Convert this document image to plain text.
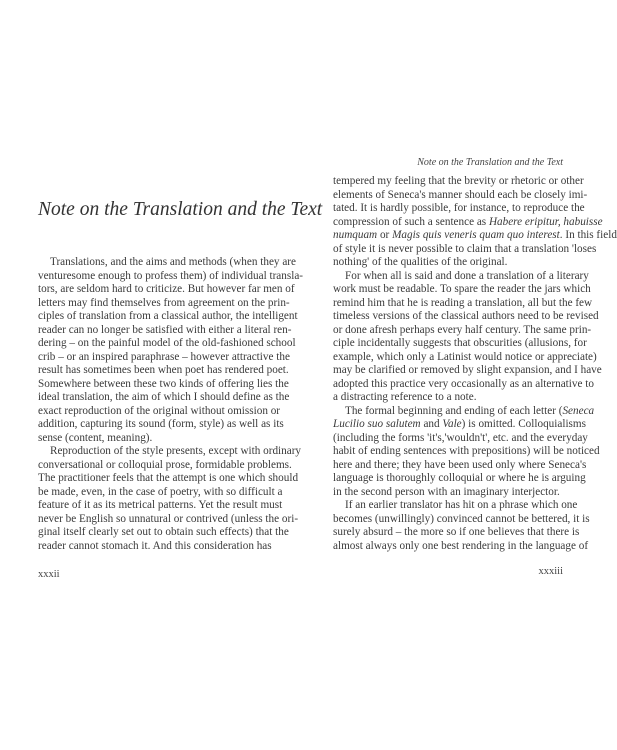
Note on the Translation and the Text
Translations, and the aims and methods (when they are
venturesome enough to profess them) of individual transla-
tors, are seldom hard to criticize. But however far men of
letters may find themselves from agreement on the prin-
ciples of translation from a classical author, the intelligent
reader can no longer be satisfied with either a literal ren-
dering – on the painful model of the old-fashioned school
crib – or an inspired paraphrase – however attractive the
result has sometimes been when poet has rendered poet.
Somewhere between these two kinds of offering lies the
ideal translation, the aim of which I should define as the
exact reproduction of the original without omission or
addition, capturing its sound (form, style) as well as its
sense (content, meaning).
Reproduction of the style presents, except with ordinary
conversational or colloquial prose, formidable problems.
The practitioner feels that the attempt is one which should
be made, even, in the case of poetry, with so difficult a
feature of it as its metrical patterns. Yet the result must
never be English so unnatural or contrived (unless the ori-
ginal itself clearly set out to obtain such effects) that the
reader cannot stomach it. And this consideration has
xxxii
Note on the Translation and the Text
tempered my feeling that the brevity or rhetoric or other
elements of Seneca's manner should each be closely imi-
tated. It is hardly possible, for instance, to reproduce the
compression of such a sentence as Habere eripitur, habuisse
numquam or Magis quis veneris quam quo interest. In this field
of style it is never possible to claim that a translation 'loses
nothing' of the qualities of the original.
For when all is said and done a translation of a literary
work must be readable. To spare the reader the jars which
remind him that he is reading a translation, all but the few
timeless versions of the classical authors need to be revised
or done afresh perhaps every half century. The same prin-
ciple incidentally suggests that obscurities (allusions, for
example, which only a Latinist would notice or appreciate)
may be clarified or removed by slight expansion, and I have
adopted this practice very occasionally as an alternative to
a distracting reference to a note.
The formal beginning and ending of each letter (Seneca
Lucilio suo salutem and Vale) is omitted. Colloquialisms
(including the forms 'it's,'wouldn't', etc. and the everyday
habit of ending sentences with prepositions) will be noticed
here and there; they have been used only where Seneca's
language is thoroughly colloquial or where he is arguing
in the second person with an imaginary interjector.
If an earlier translator has hit on a phrase which one
becomes (unwillingly) convinced cannot be bettered, it is
surely absurd – the more so if one believes that there is
almost always only one best rendering in the language of
xxxiii
